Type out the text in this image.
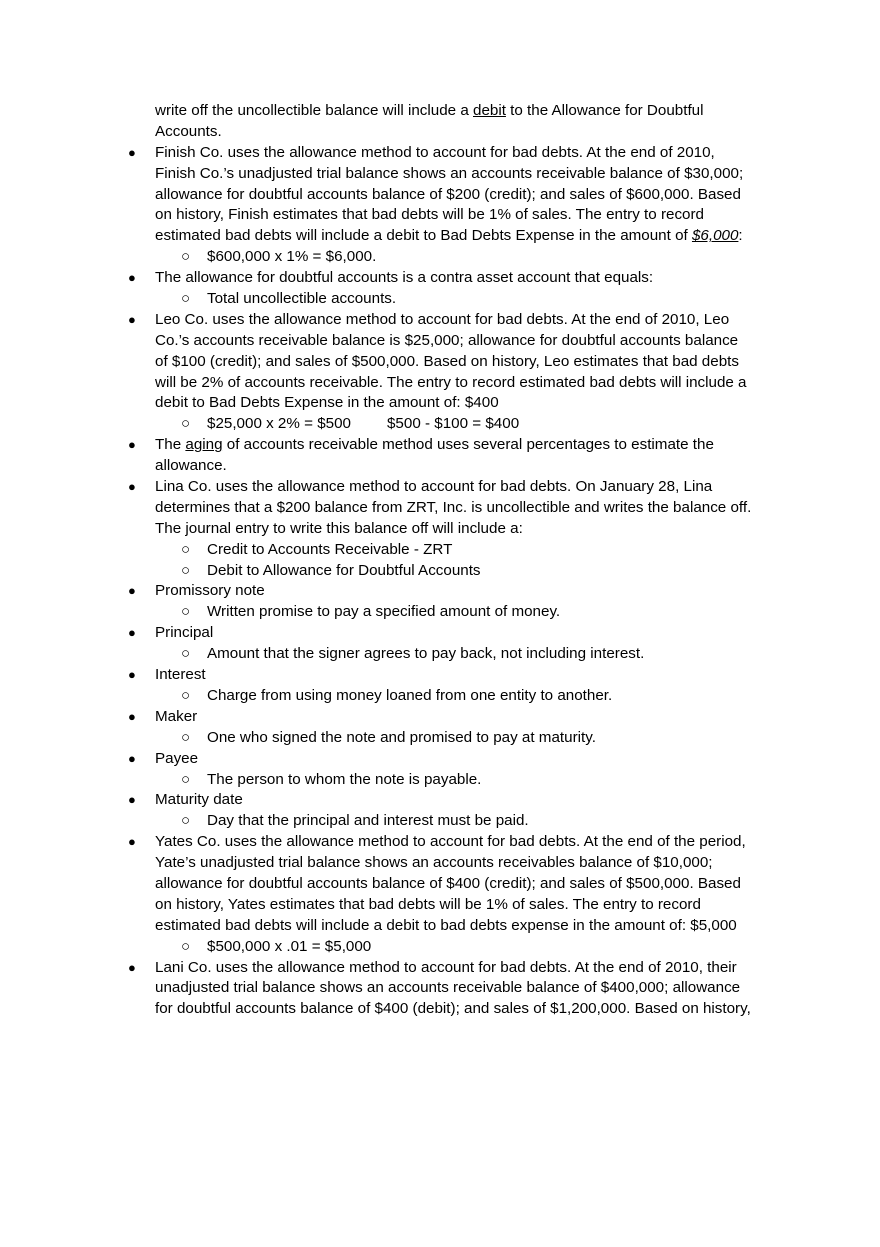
write off the uncollectible balance will include a debit to the Allowance for Doubtful
Accounts.
● Finish Co. uses the allowance method to account for bad debts. At the end of 2010,
Finish Co.’s unadjusted trial balance shows an accounts receivable balance of $30,000;
allowance for doubtful accounts balance of $200 (credit); and sales of $600,000. Based
on history, Finish estimates that bad debts will be 1% of sales. The entry to record
estimated bad debts will include a debit to Bad Debts Expense in the amount of $6,000:
○ $600,000 x 1% = $6,000.
● The allowance for doubtful accounts is a contra asset account that equals:
○ Total uncollectible accounts.
● Leo Co. uses the allowance method to account for bad debts. At the end of 2010, Leo
Co.’s accounts receivable balance is $25,000; allowance for doubtful accounts balance
of $100 (credit); and sales of $500,000. Based on history, Leo estimates that bad debts
will be 2% of accounts receivable. The entry to record estimated bad debts will include a
debit to Bad Debts Expense in the amount of: $400
○ $25,000 x 2% = $500 $500 - $100 = $400
● The aging of accounts receivable method uses several percentages to estimate the
allowance.
● Lina Co. uses the allowance method to account for bad debts. On January 28, Lina
determines that a $200 balance from ZRT, Inc. is uncollectible and writes the balance off.
The journal entry to write this balance off will include a:
○ Credit to Accounts Receivable - ZRT
○ Debit to Allowance for Doubtful Accounts
● Promissory note
○ Written promise to pay a specified amount of money.
● Principal
○ Amount that the signer agrees to pay back, not including interest.
● Interest
○ Charge from using money loaned from one entity to another.
● Maker
○ One who signed the note and promised to pay at maturity.
● Payee
○ The person to whom the note is payable.
● Maturity date
○ Day that the principal and interest must be paid.
● Yates Co. uses the allowance method to account for bad debts. At the end of the period,
Yate’s unadjusted trial balance shows an accounts receivables balance of $10,000;
allowance for doubtful accounts balance of $400 (credit); and sales of $500,000. Based
on history, Yates estimates that bad debts will be 1% of sales. The entry to record
estimated bad debts will include a debit to bad debts expense in the amount of: $5,000
○ $500,000 x .01 = $5,000
● Lani Co. uses the allowance method to account for bad debts. At the end of 2010, their
unadjusted trial balance shows an accounts receivable balance of $400,000; allowance
for doubtful accounts balance of $400 (debit); and sales of $1,200,000. Based on history,
